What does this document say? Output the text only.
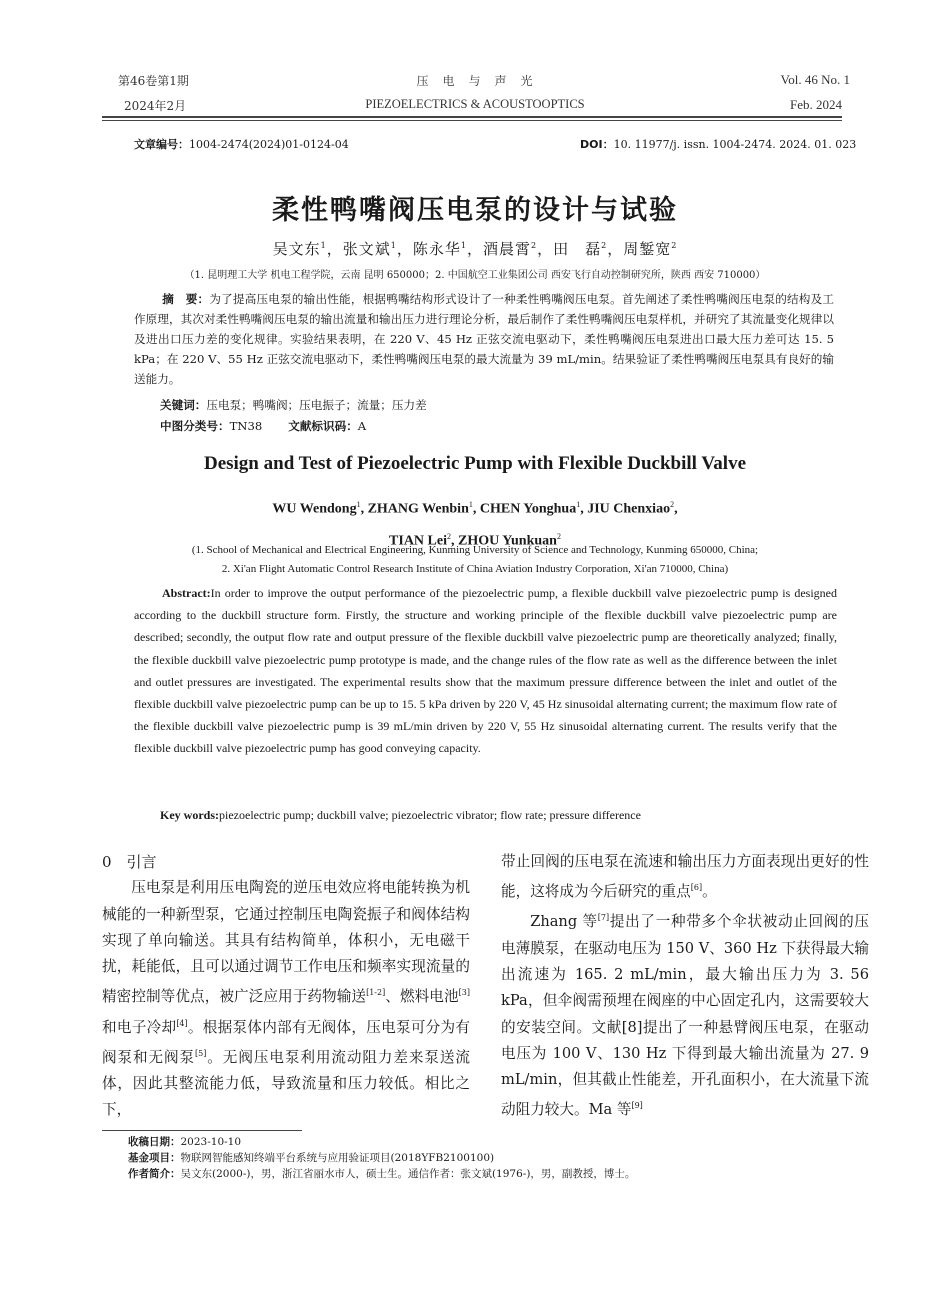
第46卷第1期
2024年2月
压　电　与　声　光
PIEZOELECTRICS & ACOUSTOOPTICS
Vol. 46 No. 1
Feb. 2024
文章编号：1004-2474(2024)01-0124-04	DOI：10. 11977/j. issn. 1004-2474. 2024. 01. 023
柔性鸭嘴阀压电泵的设计与试验
吴文东$^1$，张文斌$^1$，陈永华$^1$，酒晨霄$^2$，田　磊$^2$，周錾宽$^2$
（1. 昆明理工大学 机电工程学院，云南 昆明 650000；2. 中国航空工业集团公司 西安飞行自动控制研究所，陕西 西安 710000）
摘　要：为了提高压电泵的输出性能，根据鸭嘴结构形式设计了一种柔性鸭嘴阀压电泵。首先阐述了柔性鸭嘴阀压电泵的结构及工作原理，其次对柔性鸭嘴阀压电泵的输出流量和输出压力进行理论分析，最后制作了柔性鸭嘴阀压电泵样机，并研究了其流量变化规律以及进出口压力差的变化规律。实验结果表明，在 220 V、45 Hz 正弦交流电驱动下，柔性鸭嘴阀压电泵进出口最大压力差可达 15. 5 kPa；在 220 V、55 Hz 正弦交流电驱动下，柔性鸭嘴阀压电泵的最大流量为 39 mL/min。结果验证了柔性鸭嘴阀压电泵具有良好的输送能力。
关键词：压电泵；鸭嘴阀；压电振子；流量；压力差
中图分类号：TN38 文献标识码：A
Design and Test of Piezoelectric Pump with Flexible Duckbill Valve
WU Wendong$^1$, ZHANG Wenbin$^1$, CHEN Yonghua$^1$, JIU Chenxiao$^2$,
TIAN Lei$^2$, ZHOU Yunkuan$^2$
(1. School of Mechanical and Electrical Engineering, Kunming University of Science and Technology, Kunming 650000, China;
2. Xi'an Flight Automatic Control Research Institute of China Aviation Industry Corporation, Xi'an 710000, China)
Abstract:In order to improve the output performance of the piezoelectric pump, a flexible duckbill valve piezoelectric pump is designed according to the duckbill structure form. Firstly, the structure and working principle of the flexible duckbill valve piezoelectric pump are described; secondly, the output flow rate and output pressure of the flexible duckbill valve piezoelectric pump are theoretically analyzed; finally, the flexible duckbill valve piezoelectric pump prototype is made, and the change rules of the flow rate as well as the difference between the inlet and outlet pressures are investigated. The experimental results show that the maximum pressure difference between the inlet and outlet of the flexible duckbill valve piezoelectric pump can be up to 15. 5 kPa driven by 220 V, 45 Hz sinusoidal alternating current; the maximum flow rate of the flexible duckbill valve piezoelectric pump is 39 mL/min driven by 220 V, 55 Hz sinusoidal alternating current. The results verify that the flexible duckbill valve piezoelectric pump has good conveying capacity.
Key words:piezoelectric pump; duckbill valve; piezoelectric vibrator; flow rate; pressure difference

0　引言

压电泵是利用压电陶瓷的逆压电效应将电能转换为机械能的一种新型泵，它通过控制压电陶瓷振子和阀体结构实现了单向输送。其具有结构简单，体积小，无电磁干扰，耗能低，且可以通过调节工作电压和频率实现流量的精密控制等优点，被广泛应用于药物输送[1-2]、燃料电池[3]和电子冷却[4]。根据泵体内部有无阀体，压电泵可分为有阀泵和无阀泵[5]。无阀压电泵利用流动阻力差来泵送流体，因此其整流能力低，导致流量和压力较低。相比之下，

带止回阀的压电泵在流速和输出压力方面表现出更好的性能，这将成为今后研究的重点[6]。

Zhang 等[7]提出了一种带多个伞状被动止回阀的压电薄膜泵，在驱动电压为 150 V、360 Hz 下获得最大输出流速为 165. 2 mL/min，最大输出压力为 3. 56 kPa，但伞阀需预埋在阀座的中心固定孔内，这需要较大的安装空间。文献[8]提出了一种悬臂阀压电泵，在驱动电压为 100 V、130 Hz 下得到最大输出流量为 27. 9 mL/min，但其截止性能差，开孔面积小，在大流量下流动阻力较大。Ma 等[9]

收稿日期：2023-10-10
基金项目：物联网智能感知终端平台系统与应用验证项目(2018YFB2100100)
作者简介：吴文东(2000-)，男，浙江省丽水市人，硕士生。通信作者：张文斌(1976-)，男，副教授，博士。
